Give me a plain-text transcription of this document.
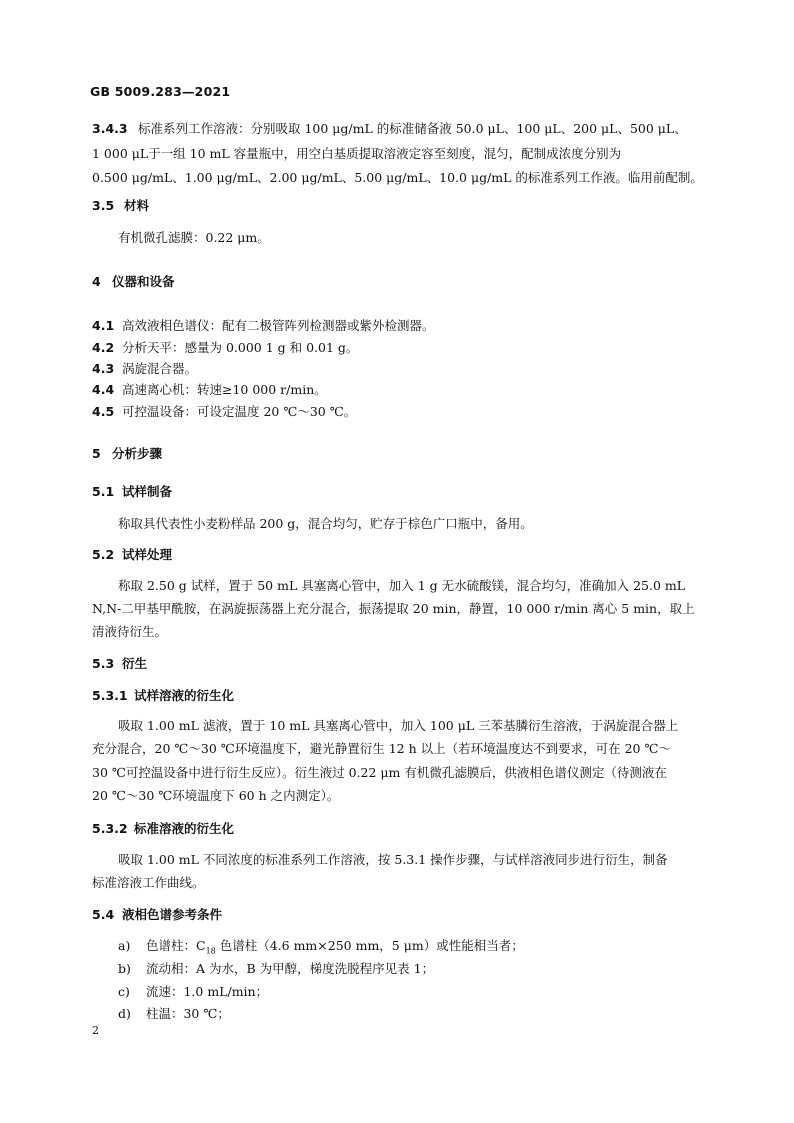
GB 5009.283—2021
3.4.3 标准系列工作溶液：分别吸取 100 μg/mL 的标准储备液 50.0 μL、100 μL、200 μL、500 μL、
1 000 μL于一组 10 mL 容量瓶中，用空白基质提取溶液定容至刻度，混匀，配制成浓度分别为
0.500 μg/mL、1.00 μg/mL、2.00 μg/mL、5.00 μg/mL、10.0 μg/mL 的标准系列工作液。临用前配制。
3.5 材料
有机微孔滤膜：0.22 μm。
4 仪器和设备
4.1 高效液相色谱仪：配有二极管阵列检测器或紫外检测器。
4.2 分析天平：感量为 0.000 1 g 和 0.01 g。
4.3 涡旋混合器。
4.4 高速离心机：转速≥10 000 r/min。
4.5 可控温设备：可设定温度 20 ℃～30 ℃。
5 分析步骤
5.1 试样制备
称取具代表性小麦粉样品 200 g，混合均匀，贮存于棕色广口瓶中，备用。
5.2 试样处理
称取 2.50 g 试样，置于 50 mL 具塞离心管中，加入 1 g 无水硫酸镁，混合均匀，准确加入 25.0 mL
N,N-二甲基甲酰胺，在涡旋振荡器上充分混合，振荡提取 20 min，静置，10 000 r/min 离心 5 min，取上
清液待衍生。
5.3 衍生
5.3.1 试样溶液的衍生化
吸取 1.00 mL 滤液，置于 10 mL 具塞离心管中，加入 100 μL 三苯基膦衍生溶液，于涡旋混合器上
充分混合，20 ℃～30 ℃环境温度下，避光静置衍生 12 h 以上（若环境温度达不到要求，可在 20 ℃～
30 ℃可控温设备中进行衍生反应）。衍生液过 0.22 μm 有机微孔滤膜后，供液相色谱仪测定（待测液在
20 ℃～30 ℃环境温度下 60 h 之内测定）。
5.3.2 标准溶液的衍生化
吸取 1.00 mL 不同浓度的标准系列工作溶液，按 5.3.1 操作步骤，与试样溶液同步进行衍生，制备
标准溶液工作曲线。
5.4 液相色谱参考条件
a) 色谱柱：$C_{18}$ 色谱柱（4.6 mm×250 mm，5 μm）或性能相当者；
b) 流动相：A 为水，B 为甲醇，梯度洗脱程序见表 1；
c) 流速：1.0 mL/min；
d) 柱温：30 ℃；
2
